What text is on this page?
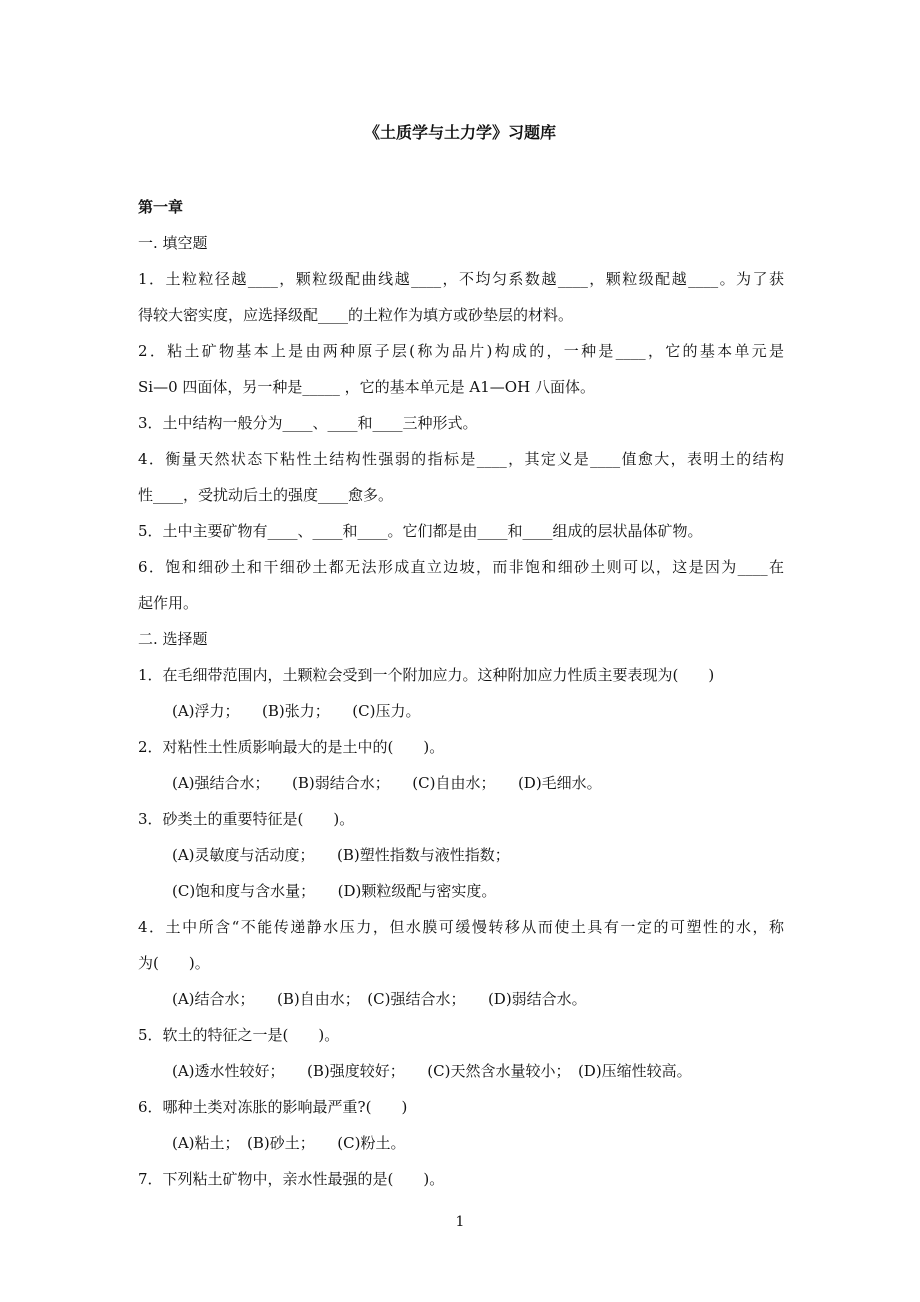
《土质学与土力学》习题库
第一章
一. 填空题
1．土粒粒径越____，颗粒级配曲线越____，不均匀系数越____，颗粒级配越____。为了获
得较大密实度，应选择级配____的土粒作为填方或砂垫层的材料。
2．粘土矿物基本上是由两种原子层(称为品片)构成的，一种是____，它的基本单元是
Si—0 四面体，另一种是_____ ，它的基本单元是 A1—OH 八面体。
3．土中结构一般分为____、____和____三种形式。
4．衡量天然状态下粘性土结构性强弱的指标是____，其定义是____值愈大，表明土的结构
性____，受扰动后土的强度____愈多。
5．土中主要矿物有____、____和____。它们都是由____和____组成的层状晶体矿物。
6．饱和细砂土和干细砂土都无法形成直立边坡，而非饱和细砂土则可以，这是因为____在
起作用。
二. 选择题
1．在毛细带范围内，土颗粒会受到一个附加应力。这种附加应力性质主要表现为(　　)
(A)浮力；　　(B)张力；　　(C)压力。
2．对粘性土性质影响最大的是土中的(　　)。
(A)强结合水；　　(B)弱结合水；　　(C)自由水；　　(D)毛细水。
3．砂类土的重要特征是(　　)。
(A)灵敏度与活动度；　　(B)塑性指数与液性指数；
(C)饱和度与含水量；　　(D)颗粒级配与密实度。
4．土中所含“不能传递静水压力，但水膜可缓慢转移从而使土具有一定的可塑性的水，称
为(　　)。
(A)结合水；　　(B)自由水；　(C)强结合水；　　(D)弱结合水。
5．软土的特征之一是(　　)。
(A)透水性较好；　　(B)强度较好；　　(C)天然含水量较小；　(D)压缩性较高。
6．哪种土类对冻胀的影响最严重?(　　)
(A)粘土；　(B)砂土；　　(C)粉土。
7．下列粘土矿物中，亲水性最强的是(　　)。
1
